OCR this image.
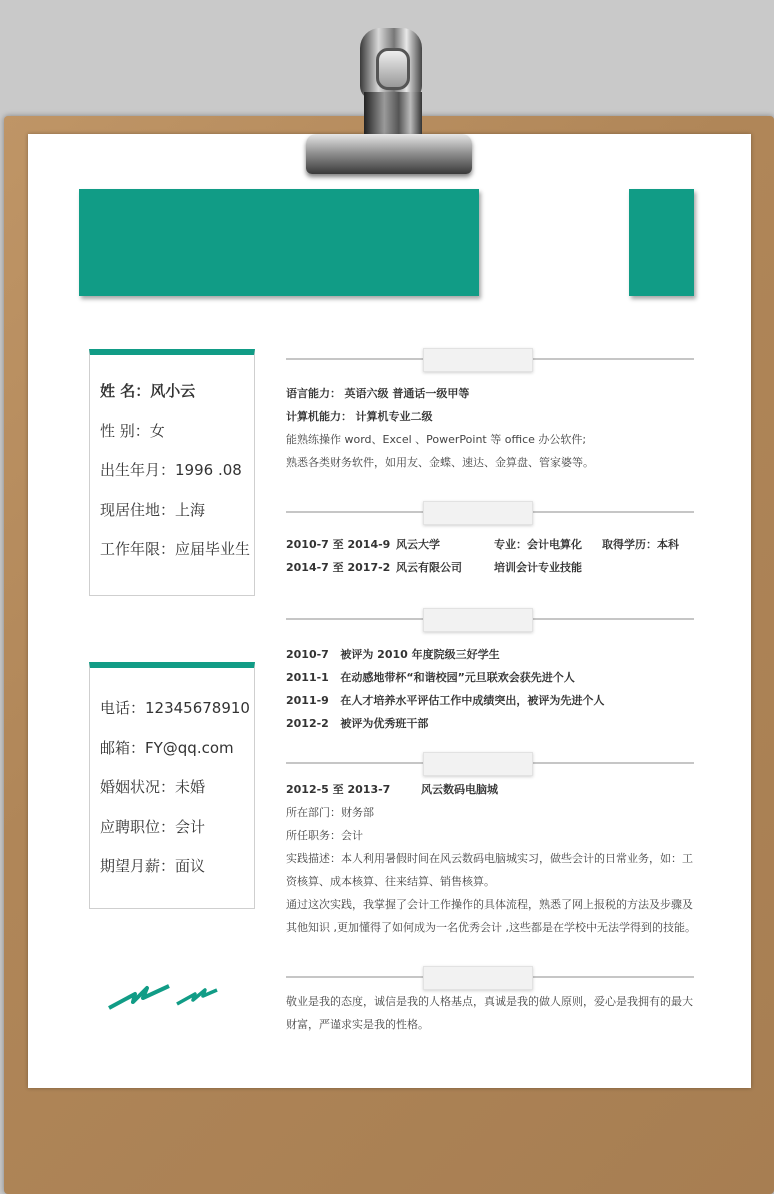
姓 名：风小云
性 别：女
出生年月：1996 .08
现居住地：上海
工作年限：应届毕业生
电话：12345678910
邮箱：FY@qq.com
婚姻状况：未婚
应聘职位：会计
期望月薪：面议
语言能力： 英语六级 普通话一级甲等
计算机能力： 计算机专业二级
能熟练操作 word、Excel 、PowerPoint 等 office 办公软件;
熟悉各类财务软件，如用友、金蝶、速达、金算盘、管家婆等。
2010-7 至 2014-9 风云大学	专业：会计电算化	取得学历：本科
2014-7 至 2017-2 风云有限公司	培训会计专业技能
2010-7 被评为 2010 年度院级三好学生
2011-1 在动感地带杯“和谐校园”元旦联欢会获先进个人
2011-9 在人才培养水平评估工作中成绩突出，被评为先进个人
2012-2 被评为优秀班干部
2012-5 至 2013-7	风云数码电脑城
所在部门：财务部
所任职务：会计
实践描述：本人利用暑假时间在风云数码电脑城实习，做些会计的日常业务，如：工
资核算、成本核算、往来结算、销售核算。
通过这次实践，我掌握了会计工作操作的具体流程，熟悉了网上报税的方法及步骤及
其他知识 ,更加懂得了如何成为一名优秀会计 ,这些都是在学校中无法学得到的技能。
敬业是我的态度，诚信是我的人格基点，真诚是我的做人原则，爱心是我拥有的最大
财富，严谨求实是我的性格。
